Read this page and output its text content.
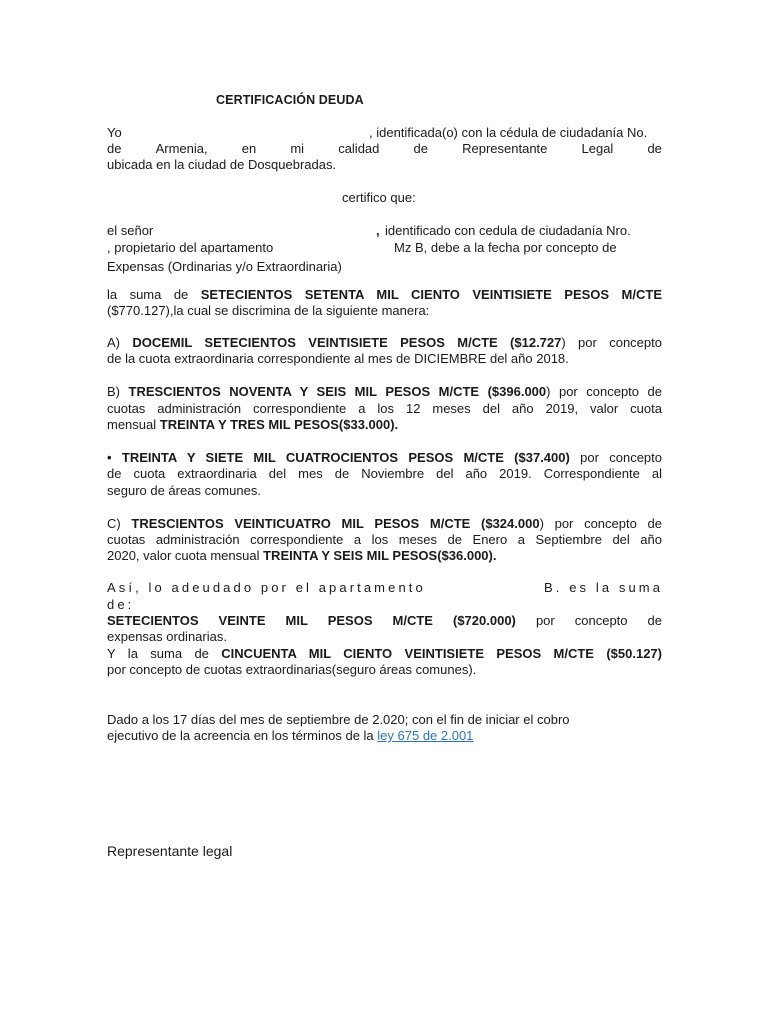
CERTIFICACIÓN DEUDA
Yo	, identificada(o) con la cédula de ciudadanía No.
de	Armenia,	en	mi	calidad	de	Representante	Legal	de
ubicada en la ciudad de Dosquebradas.
certifico que:
el señor	, identificado con cedula de ciudadanía Nro.
, propietario del apartamento	Mz B, debe a la fecha por concepto de
Expensas (Ordinarias y/o Extraordinaria)
la suma de SETECIENTOS SETENTA MIL CIENTO VEINTISIETE PESOS M/CTE
($770.127),la cual se discrimina de la siguiente manera:
A) DOCEMIL SETECIENTOS VEINTISIETE PESOS M/CTE ($12.727) por concepto
de la cuota extraordinaria correspondiente al mes de DICIEMBRE del año 2018.
B) TRESCIENTOS NOVENTA Y SEIS MIL PESOS M/CTE ($396.000) por concepto de
cuotas administración correspondiente a los 12 meses del año 2019, valor cuota
mensual TREINTA Y TRES MIL PESOS($33.000).
• TREINTA Y SIETE MIL CUATROCIENTOS PESOS M/CTE ($37.400) por concepto
de cuota extraordinaria del mes de Noviembre del año 2019. Correspondiente al
seguro de áreas comunes.
C) TRESCIENTOS VEINTICUATRO MIL PESOS M/CTE ($324.000) por concepto de
cuotas administración correspondiente a los meses de Enero a Septiembre del año
2020, valor cuota mensual TREINTA Y SEIS MIL PESOS($36.000).
Así, lo adeudado por el apartamento	B. es la suma
de:
SETECIENTOS VEINTE MIL PESOS M/CTE ($720.000) por concepto de
expensas ordinarias.
Y la suma de CINCUENTA MIL CIENTO VEINTISIETE PESOS M/CTE ($50.127)
por concepto de cuotas extraordinarias(seguro áreas comunes).
Dado a los 17 días del mes de septiembre de 2.020; con el fin de iniciar el cobro
ejecutivo de la acreencia en los términos de la ley 675 de 2.001
Representante legal
